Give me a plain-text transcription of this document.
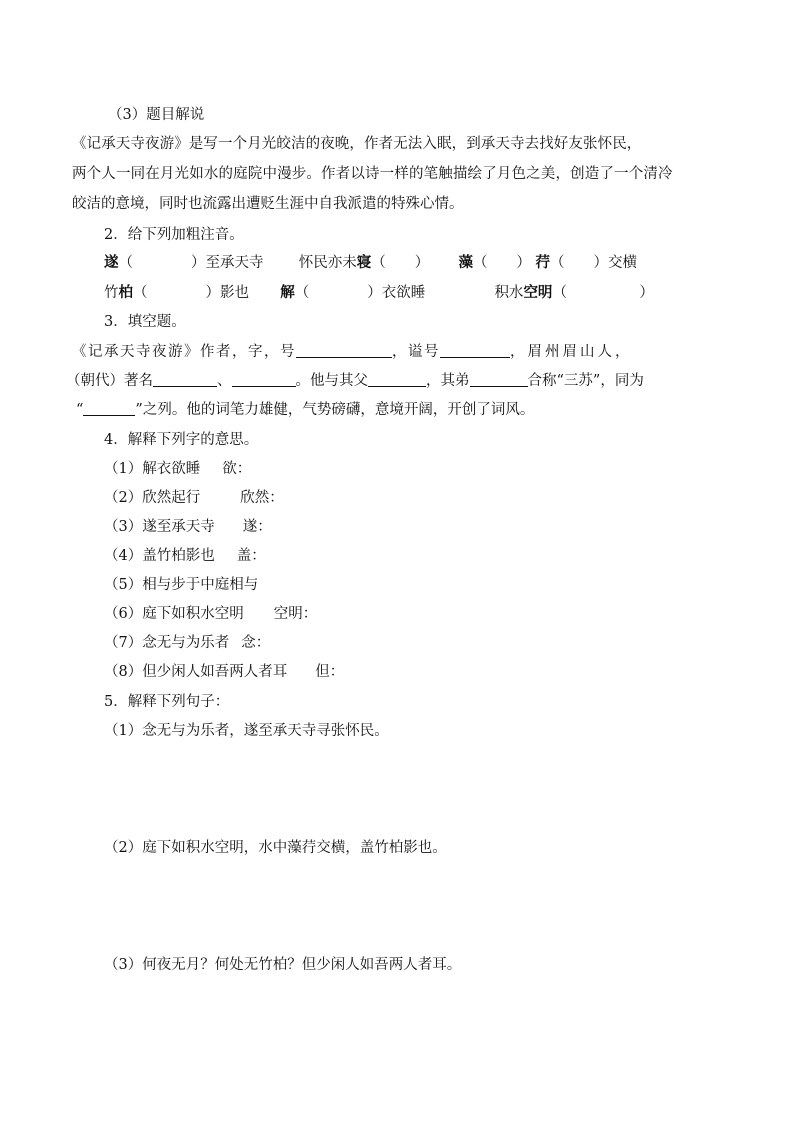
（3）题目解说
《记承天寺夜游》是写一个月光皎洁的夜晚，作者无法入眠，到承天寺去找好友张怀民，
两个人一同在月光如水的庭院中漫步。作者以诗一样的笔触描绘了月色之美，创造了一个清冷
皎洁的意境，同时也流露出遭贬生涯中自我派遣的特殊心情。
2．给下列加粗注音。
遂（　　　　）至承天寺 怀民亦未寝（　　） 藻（　　） 荇（　　）交横
竹柏（　　　　）影也 解（　　　　）衣欲睡	积水空明（　　　　　）
3．填空题。
《记承天寺夜游》作者，字，号	，谥号	，眉州眉山人，
（朝代）著名	、	。他与其父	，其弟	合称“三苏”，同为
“	”之列。他的词笔力雄健，气势磅礴，意境开阔，开创了词风。
4．解释下列字的意思。
（1）解衣欲睡 欲：
（2）欣然起行	欣然：
（3）遂至承天寺 遂：
（4）盖竹柏影也 盖：
（5）相与步于中庭相与
（6）庭下如积水空明 空明：
（7）念无与为乐者 念：
（8）但少闲人如吾两人者耳 但：
5．解释下列句子：
（1）念无与为乐者，遂至承天寺寻张怀民。
（2）庭下如积水空明，水中藻荇交横，盖竹柏影也。
（3）何夜无月？何处无竹柏？但少闲人如吾两人者耳。
